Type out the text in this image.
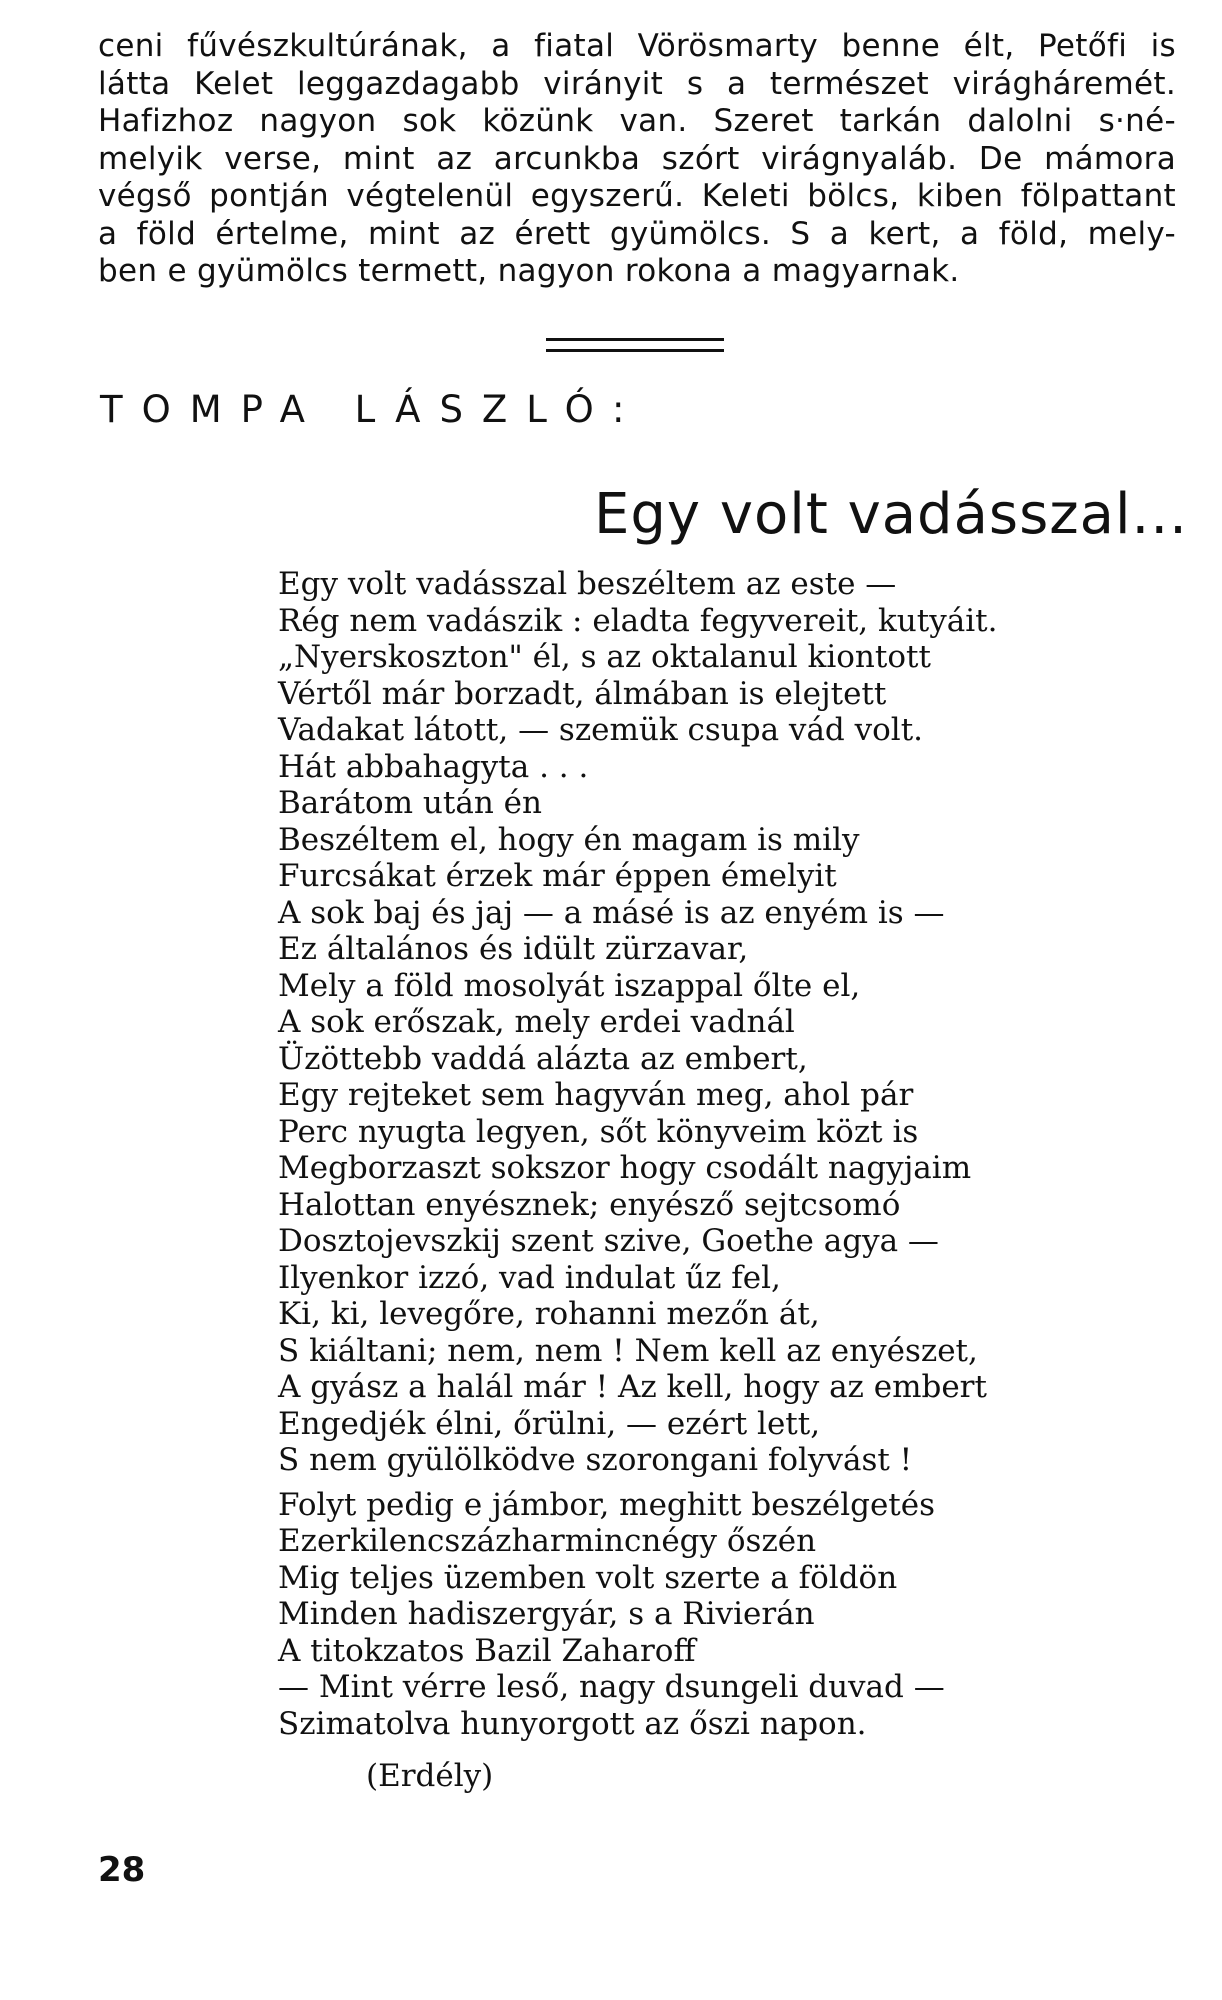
ceni fűvészkultúrának, a fiatal Vörösmarty benne élt, Petőfi is
látta Kelet leggazdagabb virányit s a természet virágháremét.
Hafizhoz nagyon sok közünk van. Szeret tarkán dalolni s·né-
melyik verse, mint az arcunkba szórt virágnyaláb. De mámora
végső pontján végtelenül egyszerű. Keleti bölcs, kiben fölpattant
a föld értelme, mint az érett gyümölcs. S a kert, a föld, mely-
ben e gyümölcs termett, nagyon rokona a magyarnak.
TOMPA LÁSZLÓ:
Egy volt vadásszal...
Egy volt vadásszal beszéltem az este —
Rég nem vadászik : eladta fegyvereit, kutyáit.
„Nyerskoszton" él, s az oktalanul kiontott
Vértől már borzadt, álmában is elejtett
Vadakat látott, — szemük csupa vád volt.
Hát abbahagyta . . .
Barátom után én
Beszéltem el, hogy én magam is mily
Furcsákat érzek már éppen émelyit
A sok baj és jaj — a másé is az enyém is —
Ez általános és idült zürzavar,
Mely a föld mosolyát iszappal őlte el,
A sok erőszak, mely erdei vadnál
Üzöttebb vaddá alázta az embert,
Egy rejteket sem hagyván meg, ahol pár
Perc nyugta legyen, sőt könyveim közt is
Megborzaszt sokszor hogy csodált nagyjaim
Halottan enyésznek; enyésző sejtcsomó
Dosztojevszkij szent szive, Goethe agya —
Ilyenkor izzó, vad indulat űz fel,
Ki, ki, levegőre, rohanni mezőn át,
S kiáltani; nem, nem ! Nem kell az enyészet,
A gyász a halál már ! Az kell, hogy az embert
Engedjék élni, őrülni, — ezért lett,
S nem gyülölködve szorongani folyvást !
Folyt pedig e jámbor, meghitt beszélgetés
Ezerkilencszázharmincnégy őszén
Mig teljes üzemben volt szerte a földön
Minden hadiszergyár, s a Rivierán
A titokzatos Bazil Zaharoff
— Mint vérre leső, nagy dsungeli duvad —
Szimatolva hunyorgott az őszi napon.
(Erdély)
28
